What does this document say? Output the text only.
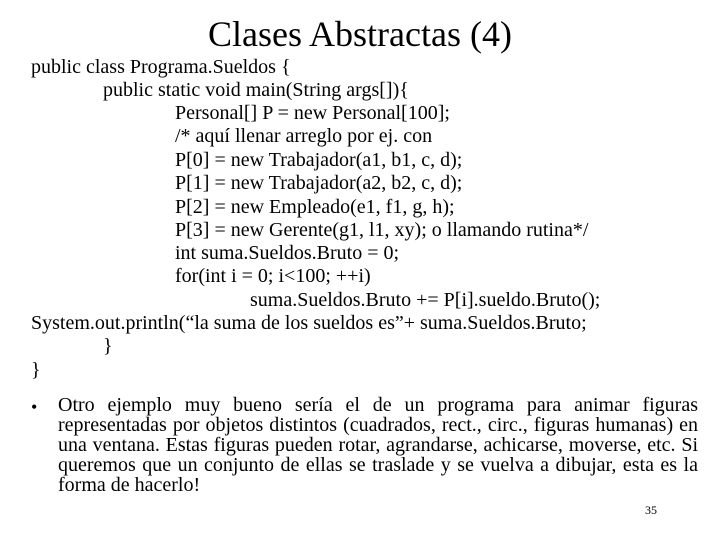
Clases Abstractas (4)
public class Programa.Sueldos {
public static void main(String args[]){
Personal[] P = new Personal[100];
/* aquí llenar arreglo por ej. con
P[0] = new Trabajador(a1, b1, c, d);
P[1] = new Trabajador(a2, b2, c, d);
P[2] = new Empleado(e1, f1, g, h);
P[3] = new Gerente(g1, l1, xy); o llamando rutina*/
int suma.Sueldos.Bruto = 0;
for(int i = 0; i<100; ++i)
suma.Sueldos.Bruto += P[i].sueldo.Bruto();
System.out.println(“la suma de los sueldos es”+ suma.Sueldos.Bruto;
}
}
• Otro ejemplo muy bueno sería el de un programa para animar figuras representadas por objetos distintos (cuadrados, rect., circ., figuras humanas) en una ventana. Estas figuras pueden rotar, agrandarse, achicarse, moverse, etc. Si queremos que un conjunto de ellas se traslade y se vuelva a dibujar, esta es la forma de hacerlo!
35
